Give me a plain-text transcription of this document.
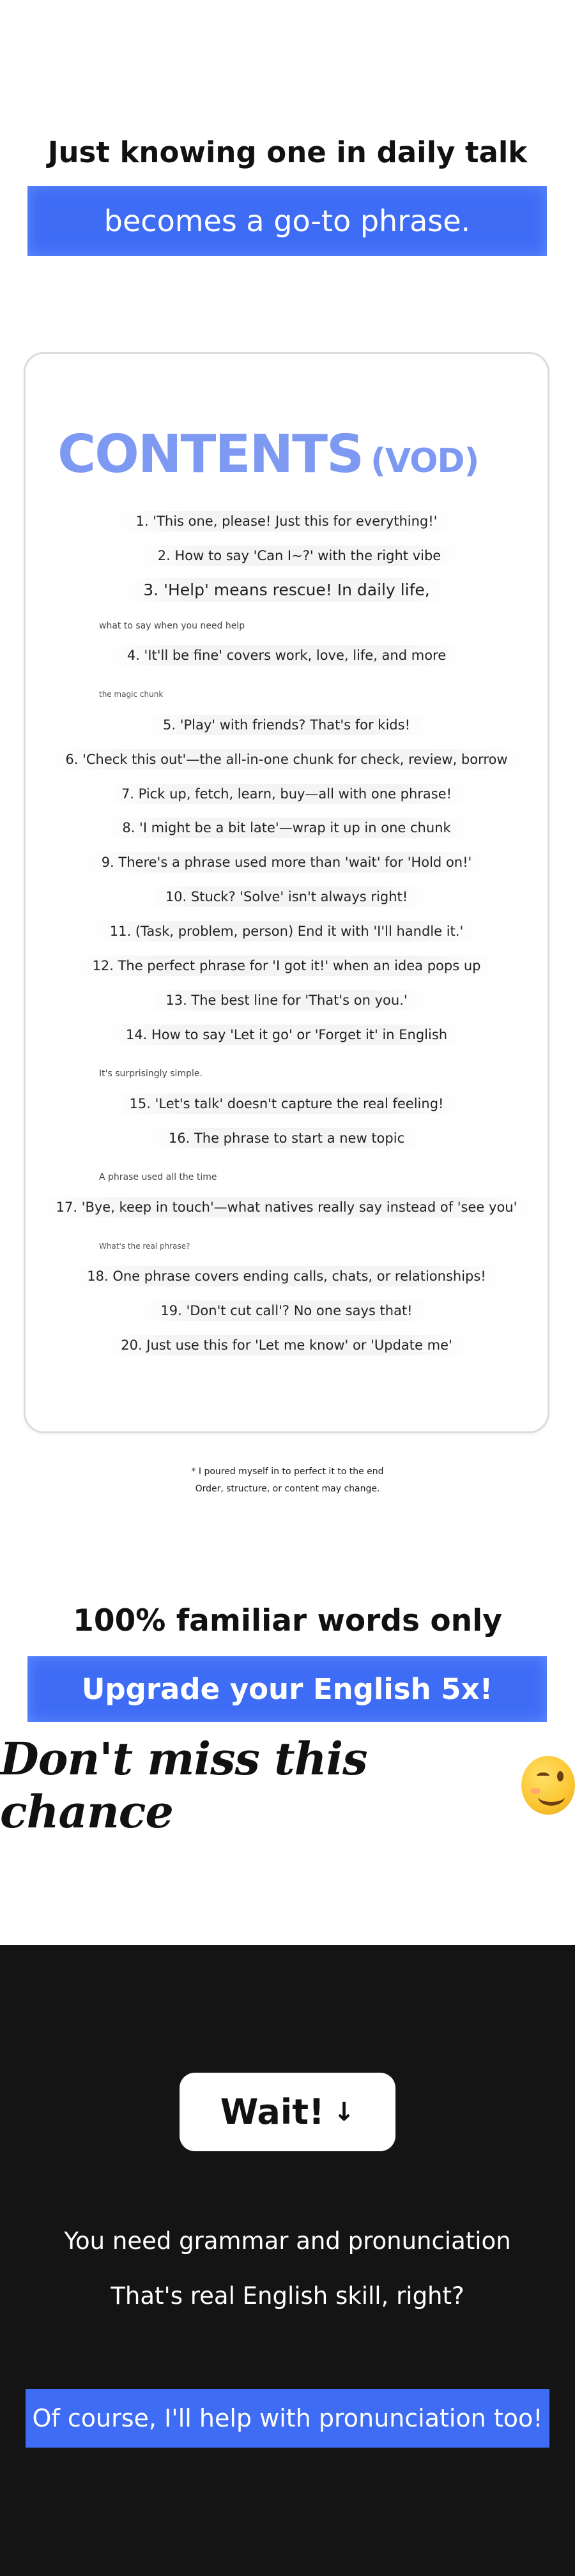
Just knowing one in daily talk
becomes a go-to phrase.
CONTENTS (VOD)
1. 'This one, please! Just this for everything!'
2. How to say 'Can I~?' with the right vibe
3. 'Help' means rescue! In daily life,
what to say when you need help
4. 'It'll be fine' covers work, love, life, and more
the magic chunk
5. 'Play' with friends? That's for kids!
6. 'Check this out'—the all-in-one chunk for check, review, borrow
7. Pick up, fetch, learn, buy—all with one phrase!
8. 'I might be a bit late'—wrap it up in one chunk
9. There's a phrase used more than 'wait' for 'Hold on!'
10. Stuck? 'Solve' isn't always right!
11. (Task, problem, person) End it with 'I'll handle it.'
12. The perfect phrase for 'I got it!' when an idea pops up
13. The best line for 'That's on you.'
14. How to say 'Let it go' or 'Forget it' in English
It's surprisingly simple.
15. 'Let's talk' doesn't capture the real feeling!
16. The phrase to start a new topic
A phrase used all the time
17. 'Bye, keep in touch'—what natives really say instead of 'see you'
What's the real phrase?
18. One phrase covers ending calls, chats, or relationships!
19. 'Don't cut call'? No one says that!
20. Just use this for 'Let me know' or 'Update me'
* I poured myself in to perfect it to the end
Order, structure, or content may change.
100% familiar words only
Upgrade your English 5x!
Don't miss this chance
Wait! ↓
You need grammar and pronunciation
That's real English skill, right?
Of course, I'll help with pronunciation too!
